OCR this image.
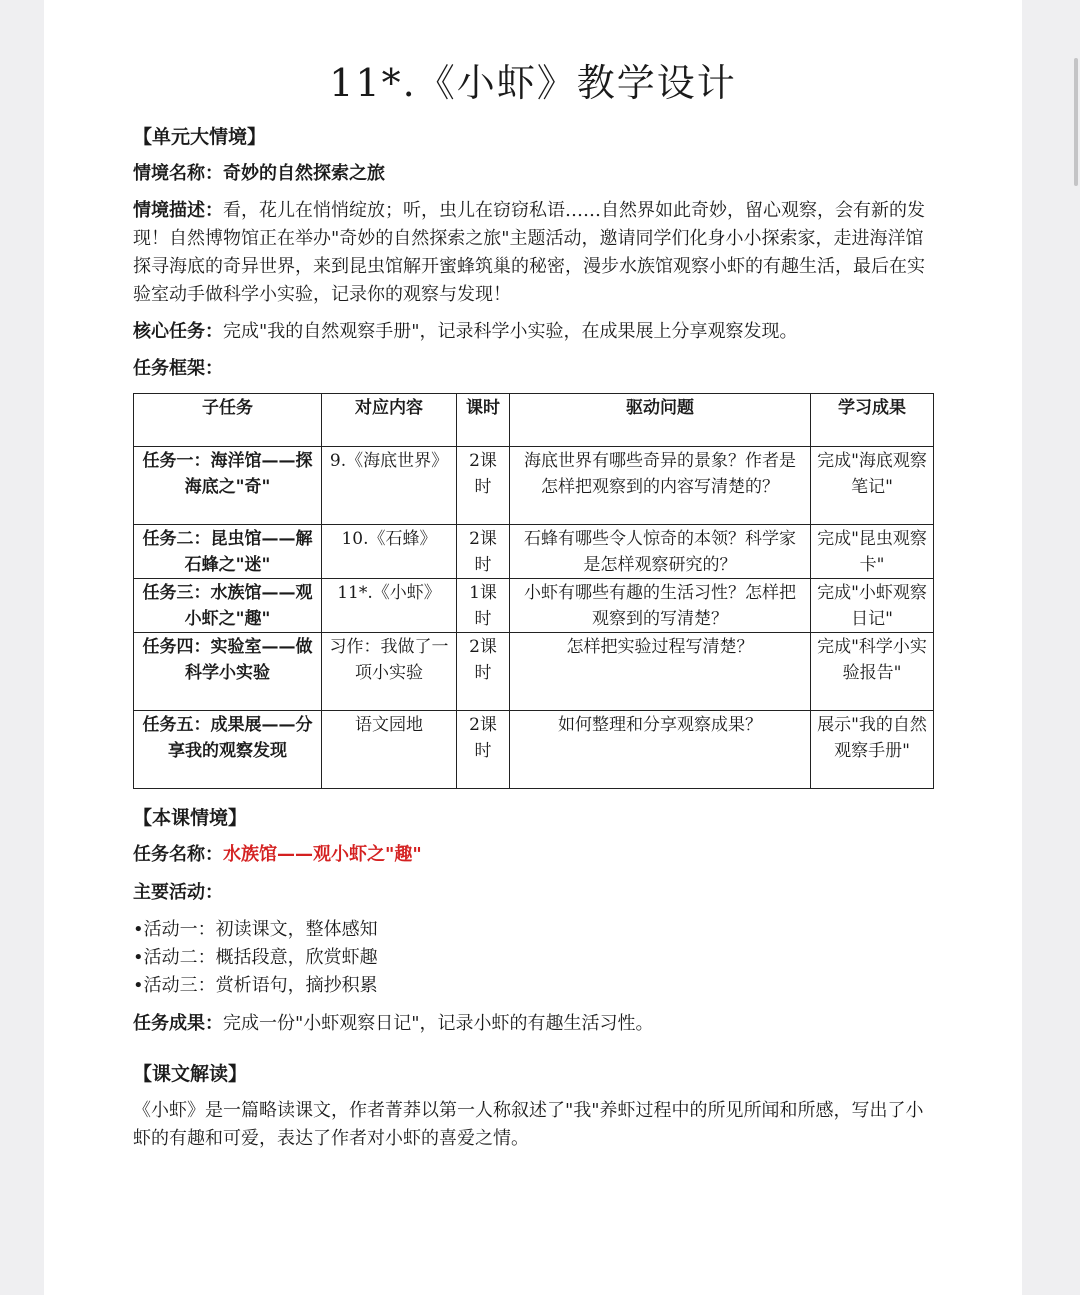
11*.《小虾》教学设计
【单元大情境】
情境名称：奇妙的自然探索之旅
情境描述：看，花儿在悄悄绽放；听，虫儿在窃窃私语……自然界如此奇妙，留心观察，会有新的发现！自然博物馆正在举办"奇妙的自然探索之旅"主题活动，邀请同学们化身小小探索家，走进海洋馆探寻海底的奇异世界，来到昆虫馆解开蜜蜂筑巢的秘密，漫步水族馆观察小虾的有趣生活，最后在实验室动手做科学小实验，记录你的观察与发现！
核心任务：完成"我的自然观察手册"，记录科学小实验，在成果展上分享观察发现。
任务框架：
子任务	对应内容	课时	驱动问题	学习成果
任务一：海洋馆——探海底之"奇"	9.《海底世界》	2课时	海底世界有哪些奇异的景象？作者是怎样把观察到的内容写清楚的？	完成"海底观察笔记"
任务二：昆虫馆——解石蜂之"迷"	10.《石蜂》	2课时	石蜂有哪些令人惊奇的本领？科学家是怎样观察研究的？	完成"昆虫观察卡"
任务三：水族馆——观小虾之"趣"	11*.《小虾》	1课时	小虾有哪些有趣的生活习性？怎样把观察到的写清楚？	完成"小虾观察日记"
任务四：实验室——做科学小实验	习作：我做了一项小实验	2课时	怎样把实验过程写清楚？	完成"科学小实验报告"
任务五：成果展——分享我的观察发现	语文园地	2课时	如何整理和分享观察成果？	展示"我的自然观察手册"
【本课情境】
任务名称：水族馆——观小虾之"趣"
主要活动：
•活动一：初读课文，整体感知
•活动二：概括段意，欣赏虾趣
•活动三：赏析语句，摘抄积累
任务成果：完成一份"小虾观察日记"，记录小虾的有趣生活习性。
【课文解读】
《小虾》是一篇略读课文，作者菁莽以第一人称叙述了"我"养虾过程中的所见所闻和所感，写出了小虾的有趣和可爱，表达了作者对小虾的喜爱之情。
